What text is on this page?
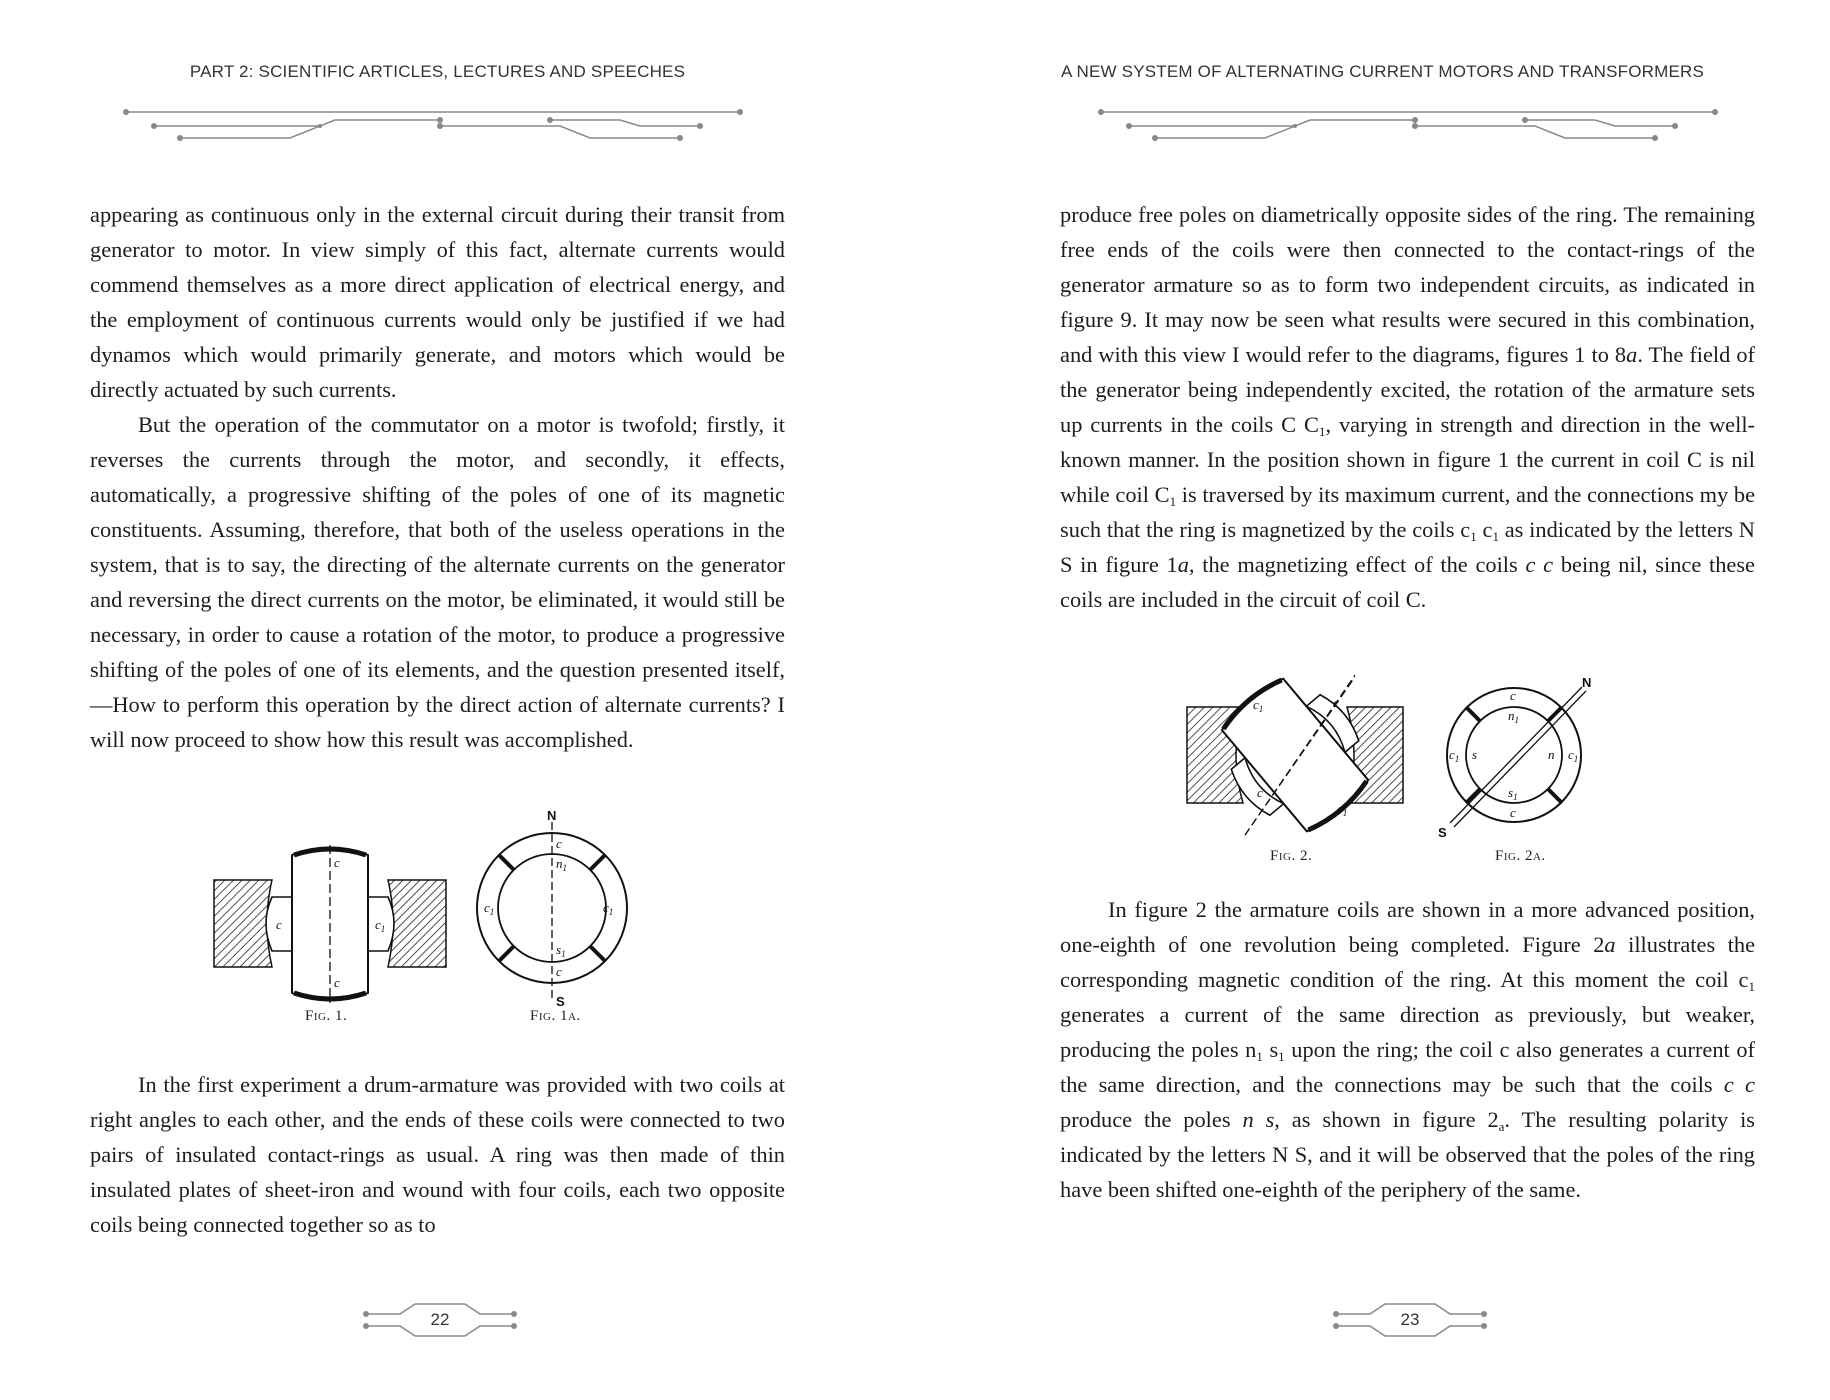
PART 2: SCIENTIFIC ARTICLES, LECTURES AND SPEECHES

appearing as continuous only in the external circuit during their transit from generator to motor. In view simply of this fact, alternate currents would commend themselves as a more direct application of electrical energy, and the employment of continuous currents would only be justified if we had dynamos which would primarily generate, and motors which would be directly actuated by such currents.

But the operation of the commutator on a motor is twofold; firstly, it reverses the currents through the motor, and secondly, it effects, automatically, a progressive shifting of the poles of one of its magnetic constituents. Assuming, therefore, that both of the useless operations in the system, that is to say, the directing of the alternate currents on the generator and reversing the direct currents on the motor, be eliminated, it would still be necessary, in order to cause a rotation of the motor, to produce a progressive shifting of the poles of one of its elements, and the question presented itself,—How to perform this operation by the direct action of alternate currents? I will now proceed to show how this result was accomplished.

c
c	$c_1$
c
Fig. 1.
N
S
c
$n_1$
$c_1$	$c_1$
$s_1$
c
Fig. 1a.

In the first experiment a drum-armature was provided with two coils at right angles to each other, and the ends of these coils were connected to two pairs of insulated contact-rings as usual. A ring was then made of thin insulated plates of sheet-iron and wound with four coils, each two opposite coils being connected together so as to

22
A NEW SYSTEM OF ALTERNATING CURRENT MOTORS AND TRANSFORMERS

produce free poles on diametrically opposite sides of the ring. The remaining free ends of the coils were then connected to the contact-rings of the generator armature so as to form two independent circuits, as indicated in figure 9. It may now be seen what results were secured in this combination, and with this view I would refer to the diagrams, figures 1 to 8a. The field of the generator being independently excited, the rotation of the armature sets up currents in the coils C $C_1$, varying in strength and direction in the well-known manner. In the position shown in figure 1 the current in coil C is nil while coil $C_1$ is traversed by its maximum current, and the connections my be such that the ring is magnetized by the coils $c_1$ $c_1$ as indicated by the letters N S in figure 1a, the magnetizing effect of the coils c c being nil, since these coils are included in the circuit of coil C.

$c_1$	c
c
$c_1$
Fig. 2.
N
S
c
$n_1$
$c_1$ s	n $c_1$
$s_1$
c
Fig. 2a.

In figure 2 the armature coils are shown in a more advanced position, one-eighth of one revolution being completed. Figure 2a illustrates the corresponding magnetic condition of the ring. At this moment the coil $c_1$ generates a current of the same direction as previously, but weaker, producing the poles $n_1$ $s_1$ upon the ring; the coil c also generates a current of the same direction, and the connections may be such that the coils c c produce the poles n s, as shown in figure $2_a$. The resulting polarity is indicated by the letters N S, and it will be observed that the poles of the ring have been shifted one-eighth of the periphery of the same.

23
